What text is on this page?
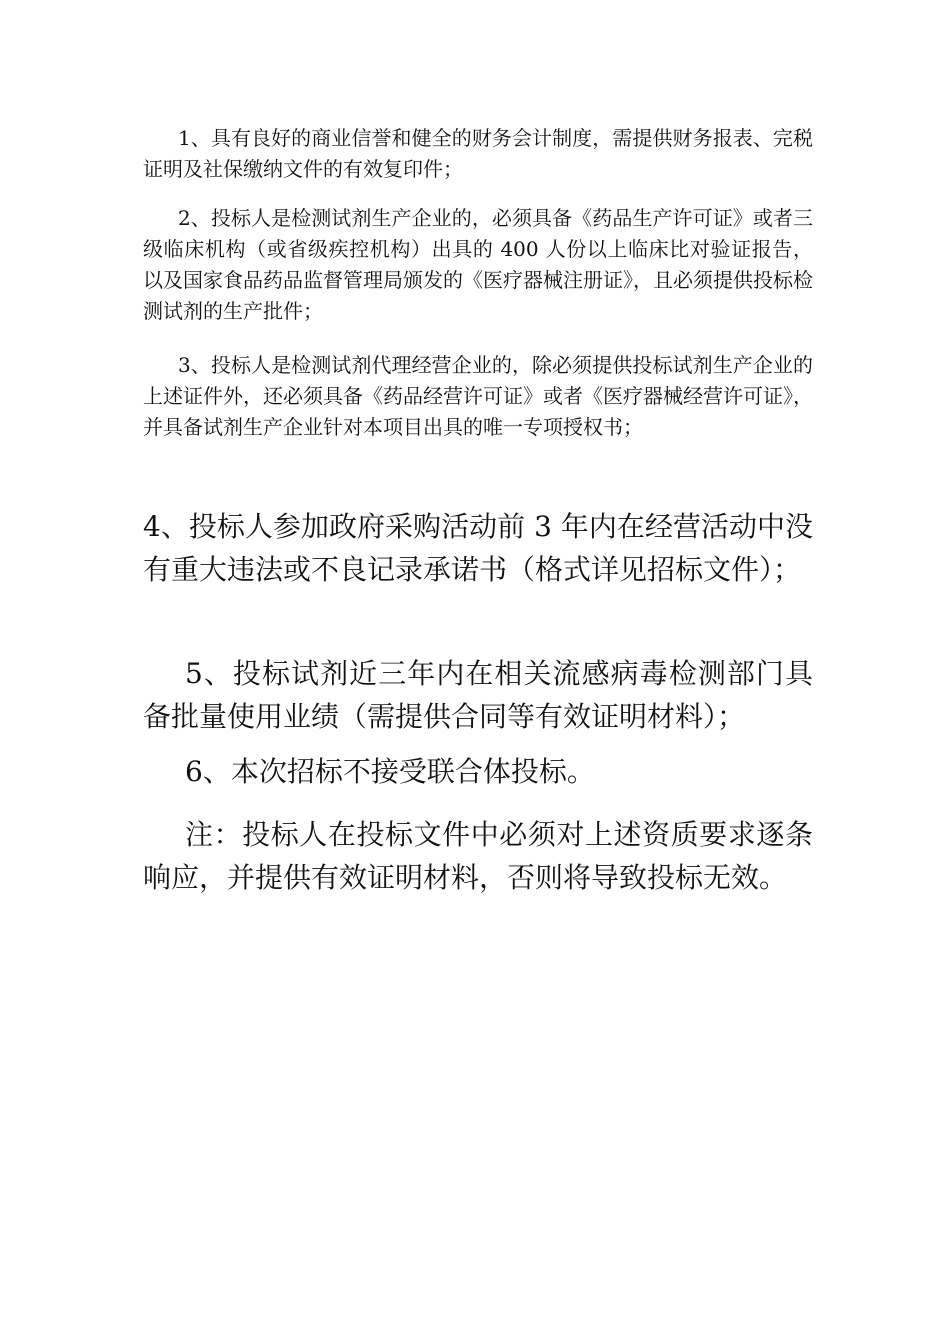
1、具有良好的商业信誉和健全的财务会计制度，需提供财务报表、完税证明及社保缴纳文件的有效复印件；

2、投标人是检测试剂生产企业的，必须具备《药品生产许可证》或者三级临床机构（或省级疾控机构）出具的 400 人份以上临床比对验证报告，以及国家食品药品监督管理局颁发的《医疗器械注册证》，且必须提供投标检测试剂的生产批件；

3、投标人是检测试剂代理经营企业的，除必须提供投标试剂生产企业的上述证件外，还必须具备《药品经营许可证》或者《医疗器械经营许可证》，并具备试剂生产企业针对本项目出具的唯一专项授权书；

4、投标人参加政府采购活动前 3 年内在经营活动中没有重大违法或不良记录承诺书（格式详见招标文件）；

5、投标试剂近三年内在相关流感病毒检测部门具备批量使用业绩（需提供合同等有效证明材料）；

6、本次招标不接受联合体投标。

注：投标人在投标文件中必须对上述资质要求逐条响应，并提供有效证明材料，否则将导致投标无效。
